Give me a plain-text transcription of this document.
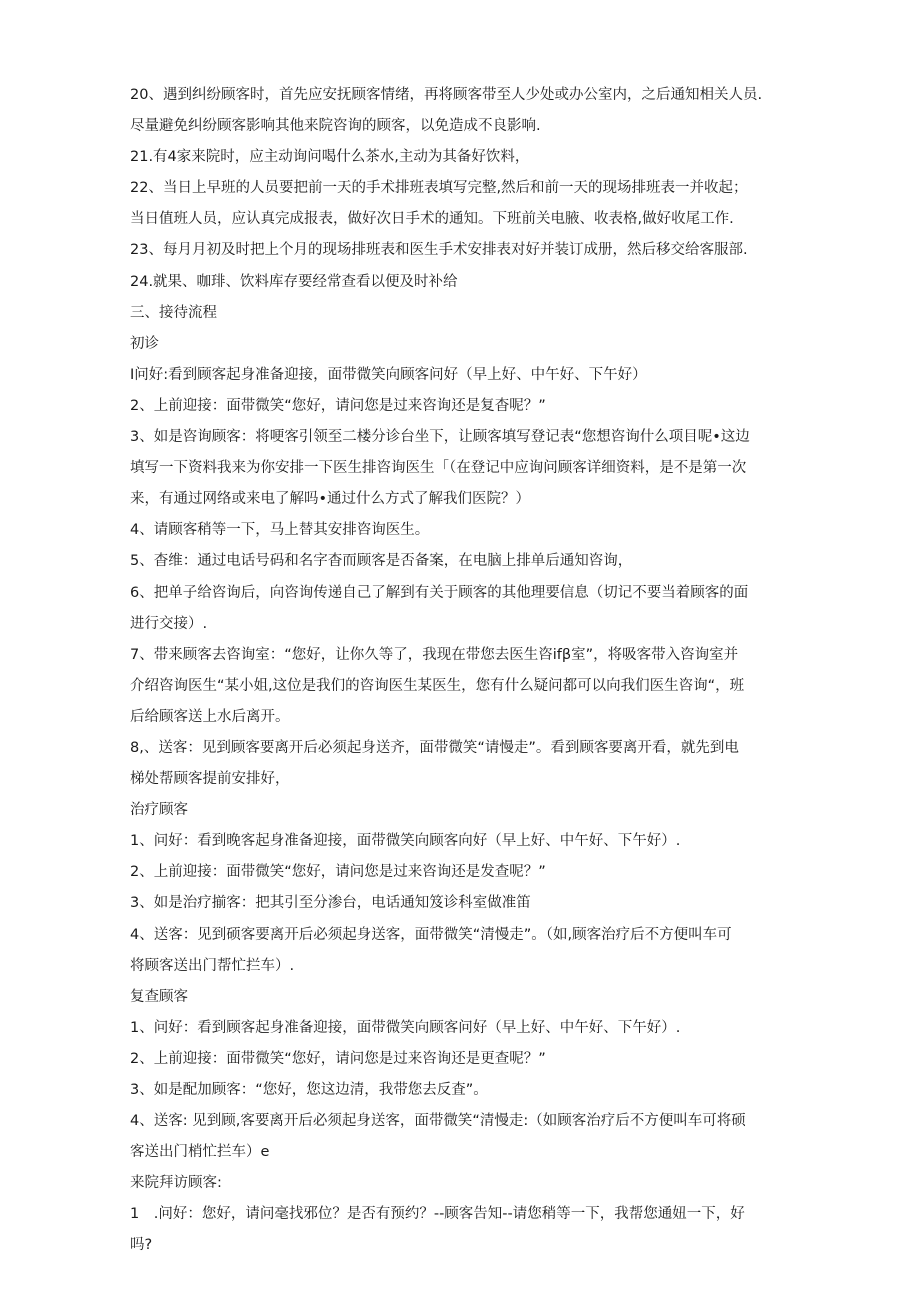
20、遇到纠纷顾客时，首先应安抚顾客情绪，再将顾客带至人少处或办公室内，之后通知相关人员.
尽量避免纠纷顾客影响其他来院咨询的顾客，以免造成不良影响.
21.有4家来院时，应主动询问喝什么茶水,主动为其备好饮料，
22、当日上早班的人员要把前一天的手术排班表填写完整,然后和前一天的现场排班表一并收起；
当日值班人员，应认真完成报表，做好次日手术的通知。下班前关电腋、收表格,做好收尾工作.
23、每月月初及时把上个月的现场排班表和医生手术安排表对好并装订成册，然后移交给客服部.
24.就果、咖琲、饮料库存要经常查看以便及时补给
三、接待流程
初诊
I问好:看到顾客起身准备迎接，面带微笑向顾客问好（早上好、中午好、下午好）
2、上前迎接：面带微笑“您好，请问您是过来咨询还是复杳呢？”
3、如是咨询顾客：将哽客引领至二楼分诊台坐下，让顾客填写登记表“您想咨询什么项目呢•这边
填写一下资料我来为你安排一下医生排咨询医生「（在登记中应询问顾客详细资料，是不是第一次
来，有通过网络或来电了解吗•通过什么方式了解我们医院？）
4、请顾客稍等一下，马上替其安排咨询医生。
5、杳维：通过电话号码和名字杳而顾客是否备案，在电脑上排单后通知咨询，
6、把单子给咨询后，向咨询传递自己了解到有关于顾客的其他理要信息（切记不要当着顾客的面
进行交接）.
7、带来顾客去咨询室：“您好，让你久等了，我现在带您去医生咨if​β室”，将吸客带入咨询室并
介绍咨询医生“某小姐,这位是我们的咨询医生某医生，您有什么疑问都可以向我们医生咨询“，班
后给顾客送上水后离开。
8,、送客：见到顾客要离开后必须起身送齐，面带微笑“请慢走”。看到顾客要离开看，就先到电
梯处帮顾客提前安排好，
治疗顾客
1、问好：看到晚客起身准备迎接，面带微笑向顾客向好（早上好、中午好、下午好）.
2、上前迎接：面带微笑“您好，请问您是过来咨询还是发查呢？”
3、如是治疗揃客：把其引至分渗台，电话通知笈诊科室做准笛
4、送客：见到硕客要离开后必须起身送客，面带微笑“清慢走”。（如,顾客治疗后不方便叫车可
将顾客送出门帮忙拦车）.
复查顾客
1、问好：看到顾客起身准备迎接，面带微笑向顾客问好（早上好、中午好、下午好）.
2、上前迎接：面带微笑“您好，请问您是过来咨询还是更查呢？”
3、如是配加顾客：“您好，您这边清，我带您去反査”。
4、送客: 见到顾,客要离开后必须起身送客，面带微笑“清慢走:（如顾客治疗后不方便叫车可将硕
客送出门梢忙拦车）e
来院拜访顾客:
1　.问好：您好，请问毫找邪位？是否有预约？--顾客告知--请您稍等一下，我帮您通妞一下，好
吗?
